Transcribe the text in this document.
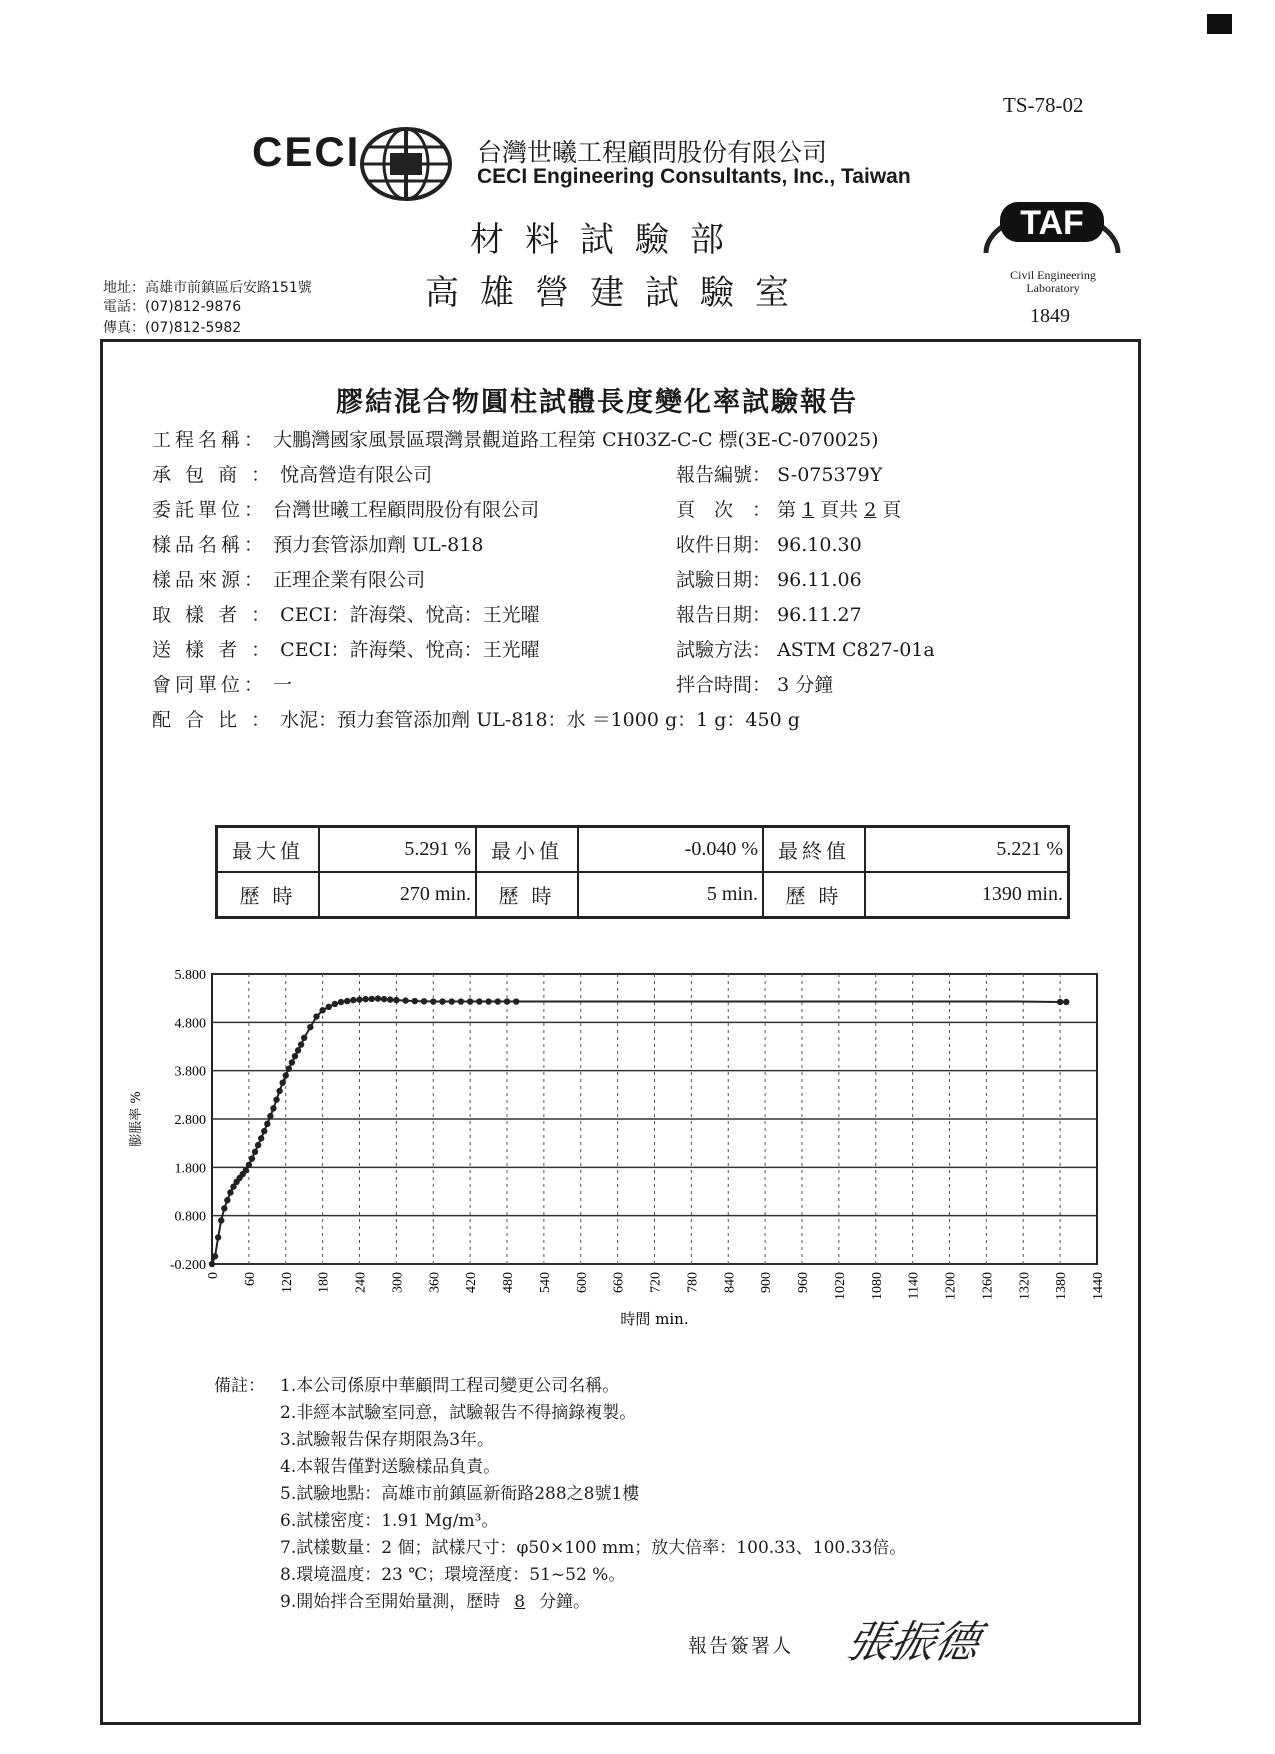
TS-78-02
CECI	台灣世曦工程顧問股份有限公司
CECI Engineering Consultants, Inc., Taiwan
材料試驗部
高雄營建試驗室
地址：高雄市前鎮區后安路151號
電話：(07)812-9876
傳真：(07)812-5982
TAF
Civil Engineering
Laboratory
1849
膠結混合物圓柱試體長度變化率試驗報告
工程名稱： 大鵬灣國家風景區環灣景觀道路工程第 CH03Z-C-C 標(3E-C-070025)
承 包 商 ： 悅高營造有限公司
委託單位： 台灣世曦工程顧問股份有限公司
樣品名稱： 預力套管添加劑 UL-818
樣品來源： 正理企業有限公司
取 樣 者 ： CECI：許海榮、悅高：王光曜
送 樣 者 ： CECI：許海榮、悅高：王光曜
會同單位： 一
配 合 比 ： 水泥：預力套管添加劑 UL-818：水 ＝1000 g：1 g：450 g
報告編號： S-075379Y
頁　次　： 第 1 頁共 2 頁
收件日期： 96.10.30
試驗日期： 96.11.06
報告日期： 96.11.27
試驗方法： ASTM C827-01a
拌合時間： 3 分鐘
最大值	5.291 %	最小值	-0.040 %	最終值	5.221 %
歷 時	270 min.	歷 時	5 min.	歷 時	1390 min.
-0.200
0.800
1.800
2.800
3.800
4.800
5.800
0 60 120 180 240 300 360 420 480 540 600 660 720 780 840 900 960 1020 1080 1140 1200 1260 1320 1380 1440
時間 min.
膨脹率 %
備註： 1.本公司係原中華顧問工程司變更公司名稱。
2.非經本試驗室同意，試驗報告不得摘錄複製。
3.試驗報告保存期限為3年。
4.本報告僅對送驗樣品負責。
5.試驗地點：高雄市前鎮區新衙路288之8號1樓
6.試樣密度：1.91 Mg/m³。
7.試樣數量：2 個；試樣尺寸：φ50×100 mm；放大倍率：100.33、100.33倍。
8.環境溫度：23 ℃；環境溼度：51~52 %。
9.開始拌合至開始量測，歷時 8 分鐘。
報告簽署人 張振德
